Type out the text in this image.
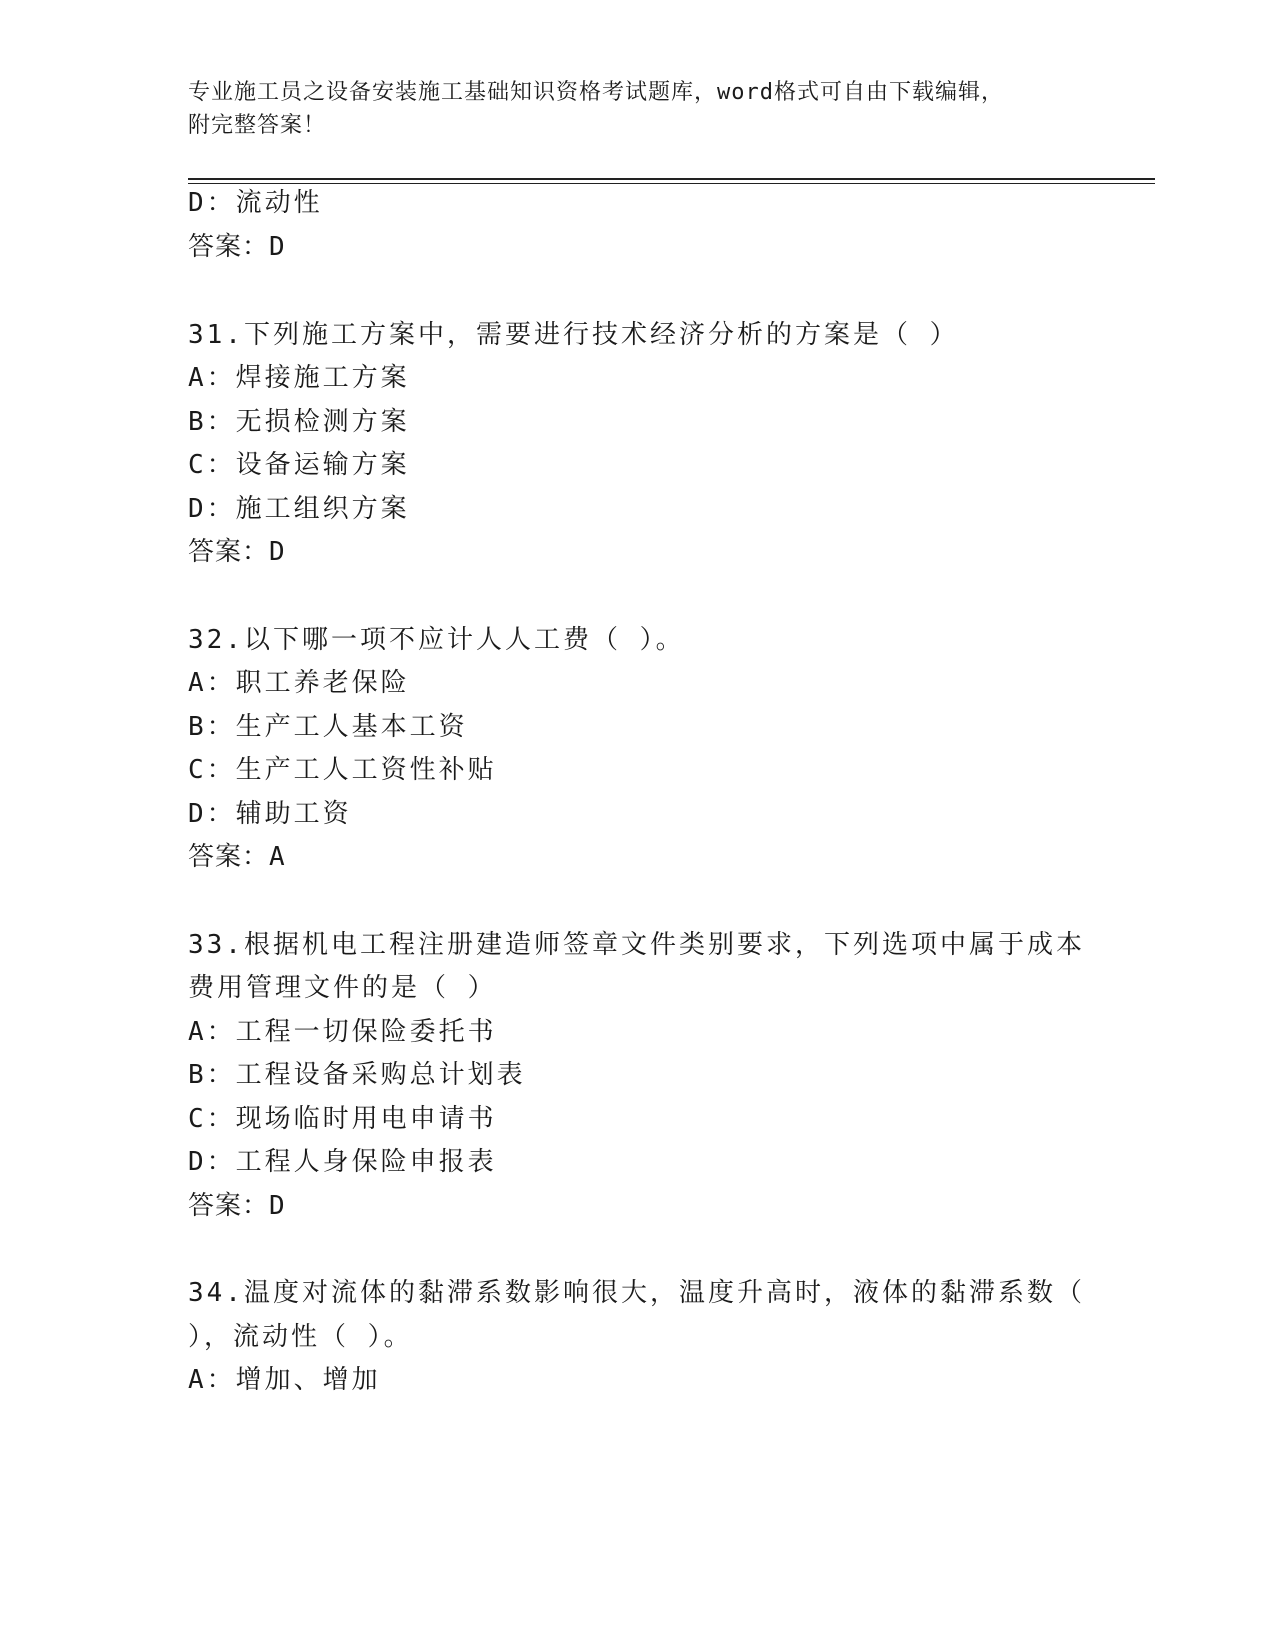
专业施工员之设备安装施工基础知识资格考试题库，word格式可自由下载编辑，
附完整答案！
D：流动性
答案：D
31.下列施工方案中，需要进行技术经济分析的方案是（ ）
A：焊接施工方案
B：无损检测方案
C：设备运输方案
D：施工组织方案
答案：D
32.以下哪一项不应计人人工费（ ）。
A：职工养老保险
B：生产工人基本工资
C：生产工人工资性补贴
D：辅助工资
答案：A
33.根据机电工程注册建造师签章文件类别要求，下列选项中属于成本
费用管理文件的是（ ）
A：工程一切保险委托书
B：工程设备采购总计划表
C：现场临时用电申请书
D：工程人身保险申报表
答案：D
34.温度对流体的黏滞系数影响很大，温度升高时，液体的黏滞系数（
），流动性（ ）。
A：增加、增加
